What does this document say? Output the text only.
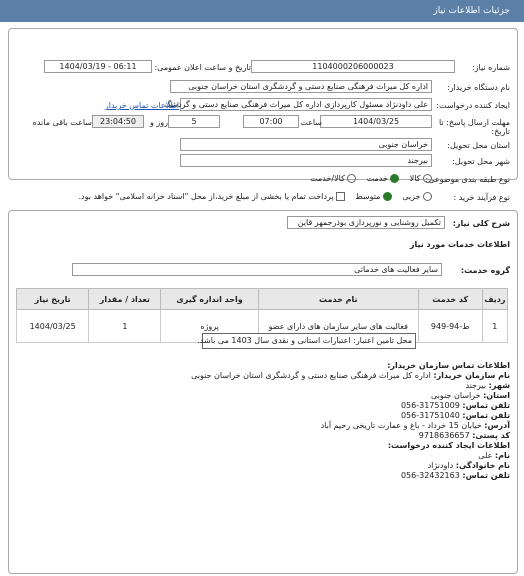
جزئیات اطلاعات نیاز
شماره نیاز:
1104000206000023
تاریخ و ساعت اعلان عمومی:
1404/03/19 - 06:11
نام دستگاه خریدار:
اداره کل میراث فرهنگی صنایع دستی و گردشگری استان خراسان جنوبی
ایجاد کننده درخواست:
علی داودنژاد مسئول کارپردازی اداره کل میراث فرهنگی صنایع دستی و گردشگ
اطلاعات تماس خریدار
مهلت ارسال پاسخ: تا تاریخ:
1404/03/25
ساعت
07:00
5
روز و
23:04:50
ساعت باقی مانده
استان محل تحویل:
خراسان جنوبی
شهر محل تحویل:
بیرجند
نوع طبقه بندی موضوعی:
کالا     خدمت     کالا/خدمت
نوع فرآیند خرید :
جزیی     متوسط     پرداخت تمام یا بخشی از مبلغ خرید،از محل "اسناد خزانه اسلامی" خواهد بود.
شرح کلی نیاز:
تکمیل روشنایی و نورپردازی بوذرجمهر قاین
اطلاعات خدمات مورد نیاز
گروه خدمت:
سایر فعالیت های خدماتی
ردیف	کد خدمت	نام خدمت	واحد اندازه گیری	تعداد / مقدار	تاریخ نیاز
1	ط-94-949	فعالیت های سایر سازمان های دارای عضو	پروژه	1	1404/03/25
محل تامین اعتبار: اعتبارات استانی و نقدی سال 1403 می باشد.
اطلاعات تماس سازمان خریدار:
نام سازمان خریدار: اداره کل میراث فرهنگی صنایع دستی و گردشگری استان خراسان جنوبی
شهر: بیرجند
استان: خراسان جنوبی
تلفن تماس: 056-31751009
تلفن تماس: 056-31751040
آدرس: خیابان 15 خرداد - باغ و عمارت تاریخی رحیم آباد
کد پستی: 9718636657
اطلاعات ایجاد کننده درخواست:
نام: علی
نام خانوادگی: داودنژاد
تلفن تماس: 056-32432163
